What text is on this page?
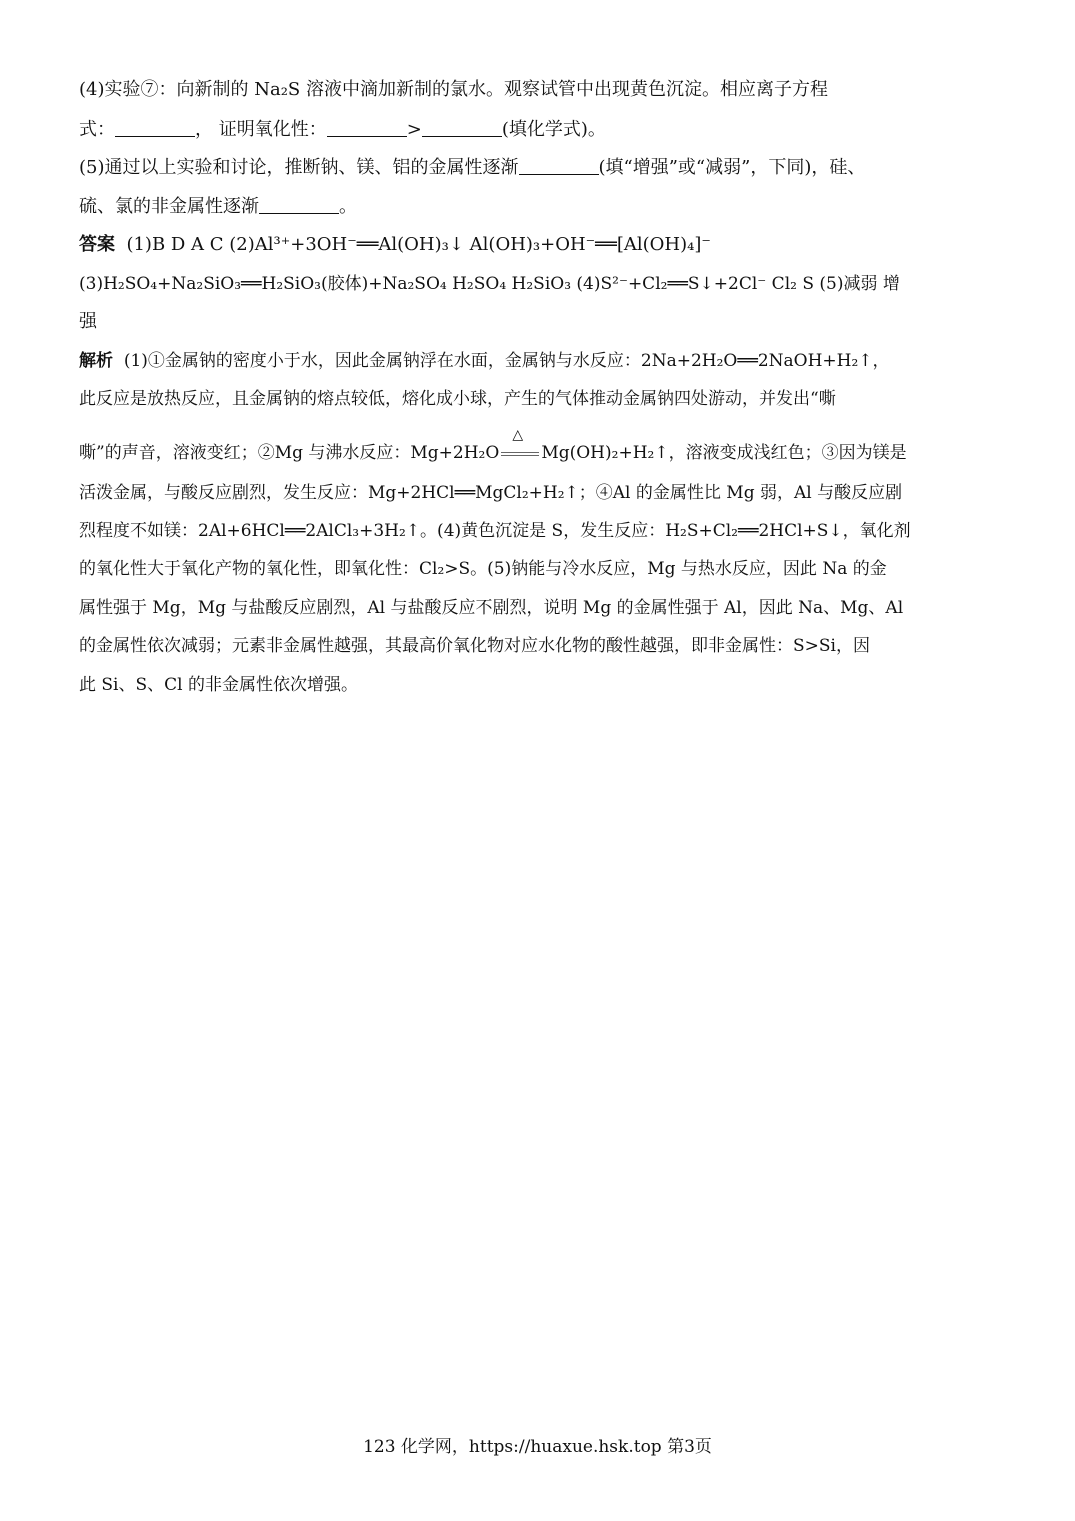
(4)实验⑦：向新制的 Na₂S 溶液中滴加新制的氯水。观察试管中出现黄色沉淀。相应离子方程
式：	， 证明氧化性：	>	(填化学式)。
(5)通过以上实验和讨论，推断钠、镁、铝的金属性逐渐	(填“增强”或“减弱”，下同)，硅、
硫、氯的非金属性逐渐	。
答案 (1)B D A C (2)Al³⁺+3OH⁻══Al(OH)₃↓ Al(OH)₃+OH⁻══[Al(OH)₄]⁻
(3)H₂SO₄+Na₂SiO₃══H₂SiO₃(胶体)+Na₂SO₄ H₂SO₄ H₂SiO₃ (4)S²⁻+Cl₂══S↓+2Cl⁻ Cl₂ S (5)减弱 增
强
解析 (1)①金属钠的密度小于水，因此金属钠浮在水面，金属钠与水反应：2Na+2H₂O══2NaOH+H₂↑，
此反应是放热反应，且金属钠的熔点较低，熔化成小球，产生的气体推动金属钠四处游动，并发出“嘶
嘶”的声音，溶液变红；②Mg 与沸水反应：Mg+2H₂O
△
Mg(OH)₂+H₂↑，溶液变成浅红色；③因为镁是
活泼金属，与酸反应剧烈，发生反应：Mg+2HCl══MgCl₂+H₂↑；④Al 的金属性比 Mg 弱，Al 与酸反应剧
烈程度不如镁：2Al+6HCl══2AlCl₃+3H₂↑。(4)黄色沉淀是 S，发生反应：H₂S+Cl₂══2HCl+S↓，氧化剂
的氧化性大于氧化产物的氧化性，即氧化性：Cl₂>S。(5)钠能与冷水反应，Mg 与热水反应，因此 Na 的金
属性强于 Mg，Mg 与盐酸反应剧烈，Al 与盐酸反应不剧烈，说明 Mg 的金属性强于 Al，因此 Na、Mg、Al
的金属性依次减弱；元素非金属性越强，其最高价氧化物对应水化物的酸性越强，即非金属性：S>Si，因
此 Si、S、Cl 的非金属性依次增强。
123 化学网，https://huaxue.hsk.top 第3页
